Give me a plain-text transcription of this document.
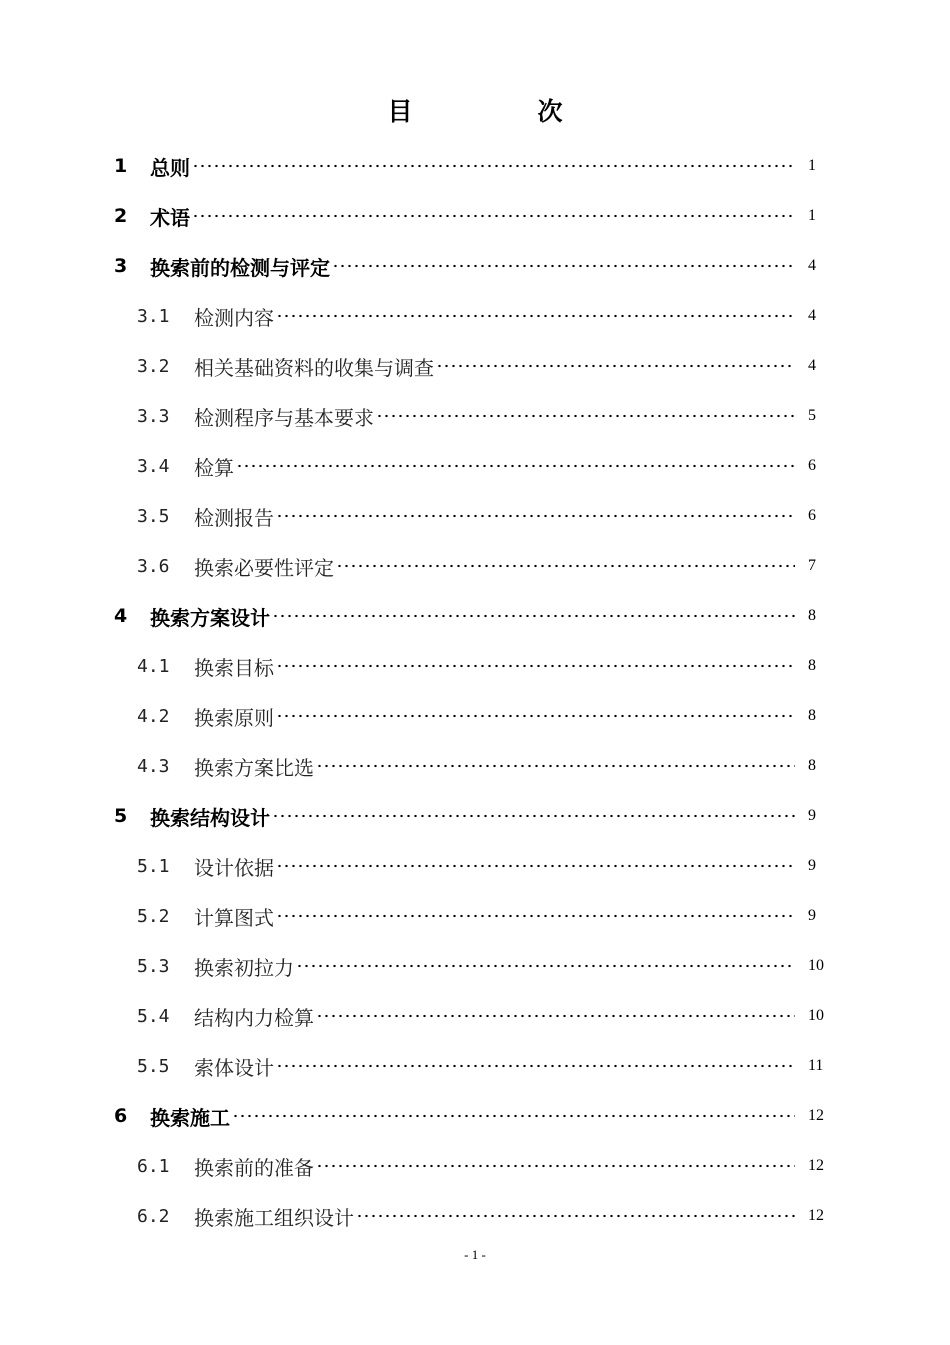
目　次
1	总则	1
2	术语	1
3	换索前的检测与评定	4
3.1	检测内容	4
3.2	相关基础资料的收集与调查	4
3.3	检测程序与基本要求	5
3.4	检算	6
3.5	检测报告	6
3.6	换索必要性评定	7
4	换索方案设计	8
4.1	换索目标	8
4.2	换索原则	8
4.3	换索方案比选	8
5	换索结构设计	9
5.1	设计依据	9
5.2	计算图式	9
5.3	换索初拉力	10
5.4	结构内力检算	10
5.5	索体设计	11
6	换索施工	12
6.1	换索前的准备	12
6.2	换索施工组织设计	12
- 1 -
